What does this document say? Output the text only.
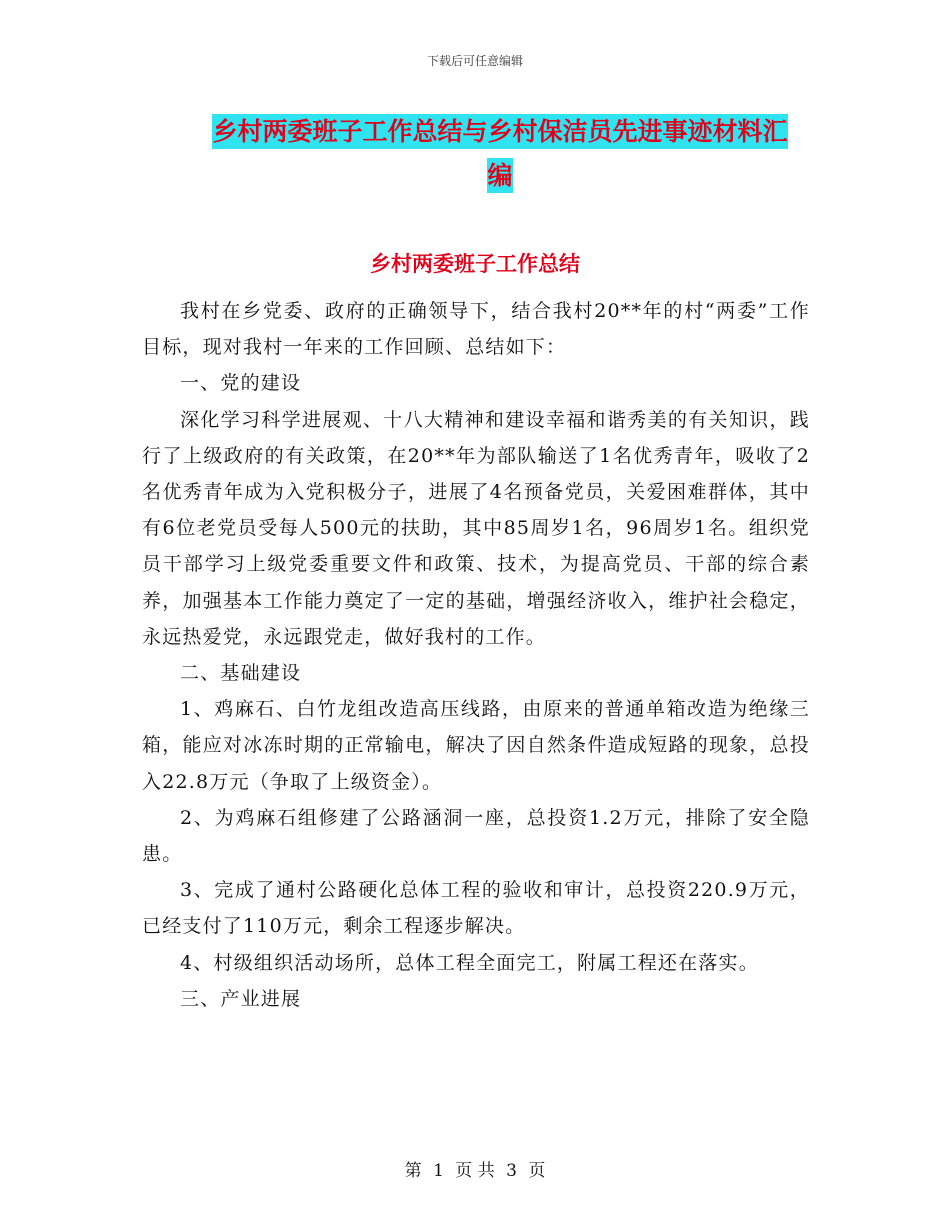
下载后可任意编辑
乡村两委班子工作总结与乡村保洁员先进事迹材料汇
编
乡村两委班子工作总结

我村在乡党委、政府的正确领导下，结合我村20**年的村“两委”工作目标，现对我村一年来的工作回顾、总结如下：

一、党的建设

深化学习科学进展观、十八大精神和建设幸福和谐秀美的有关知识，践行了上级政府的有关政策，在20**年为部队输送了1名优秀青年，吸收了2名优秀青年成为入党积极分子，进展了4名预备党员，关爱困难群体，其中有6位老党员受每人500元的扶助，其中85周岁1名，96周岁1名。组织党员干部学习上级党委重要文件和政策、技术，为提高党员、干部的综合素养，加强基本工作能力奠定了一定的基础，增强经济收入，维护社会稳定，永远热爱党，永远跟党走，做好我村的工作。

二、基础建设

1、鸡麻石、白竹龙组改造高压线路，由原来的普通单箱改造为绝缘三箱，能应对冰冻时期的正常输电，解决了因自然条件造成短路的现象，总投入22.8万元（争取了上级资金）。

2、为鸡麻石组修建了公路涵洞一座，总投资1.2万元，排除了安全隐患。

3、完成了通村公路硬化总体工程的验收和审计，总投资220.9万元，已经支付了110万元，剩余工程逐步解决。

4、村级组织活动场所，总体工程全面完工，附属工程还在落实。

三、产业进展

第 1 页 共 3 页
